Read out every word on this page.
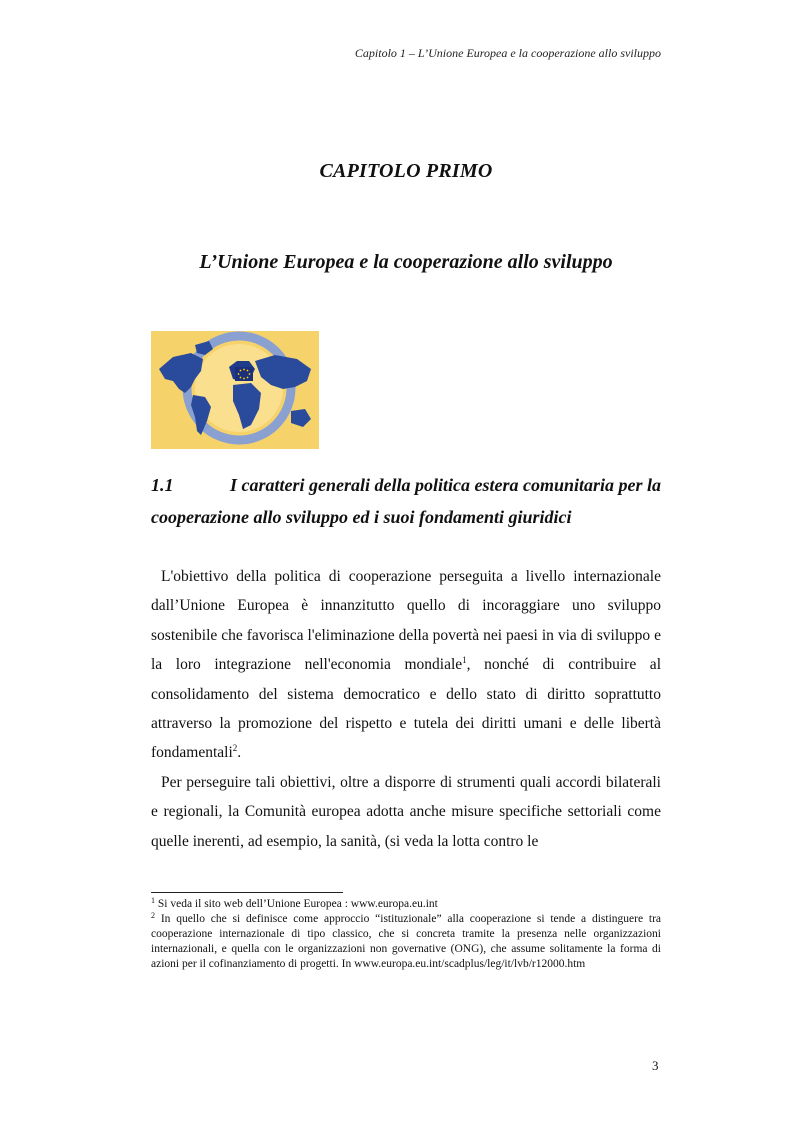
Capitolo 1 – L’Unione Europea e la cooperazione allo sviluppo
CAPITOLO PRIMO
L’Unione Europea e la cooperazione allo sviluppo
1.1	I caratteri generali della politica estera comunitaria per la
cooperazione allo sviluppo ed i suoi fondamenti giuridici

L'obiettivo della politica di cooperazione perseguita a livello internazionale dall’Unione Europea è innanzitutto quello di incoraggiare uno sviluppo sostenibile che favorisca l'eliminazione della povertà nei paesi in via di sviluppo e la loro integrazione nell'economia mondiale$^1$, nonché di contribuire al consolidamento del sistema democratico e dello stato di diritto soprattutto attraverso la promozione del rispetto e tutela dei diritti umani e delle libertà fondamentali$^2$.

Per perseguire tali obiettivi, oltre a disporre di strumenti quali accordi bilaterali e regionali, la Comunità europea adotta anche misure specifiche settoriali come quelle inerenti, ad esempio, la sanità, (si veda la lotta contro le

$^1$ Si veda il sito web dell’Unione Europea : www.europa.eu.int

$^2$ In quello che si definisce come approccio “istituzionale” alla cooperazione si tende a distinguere tra cooperazione internazionale di tipo classico, che si concreta tramite la presenza nelle organizzazioni internazionali, e quella con le organizzazioni non governative (ONG), che assume solitamente la forma di azioni per il cofinanziamento di progetti. In www.europa.eu.int/scadplus/leg/it/lvb/r12000.htm

3
